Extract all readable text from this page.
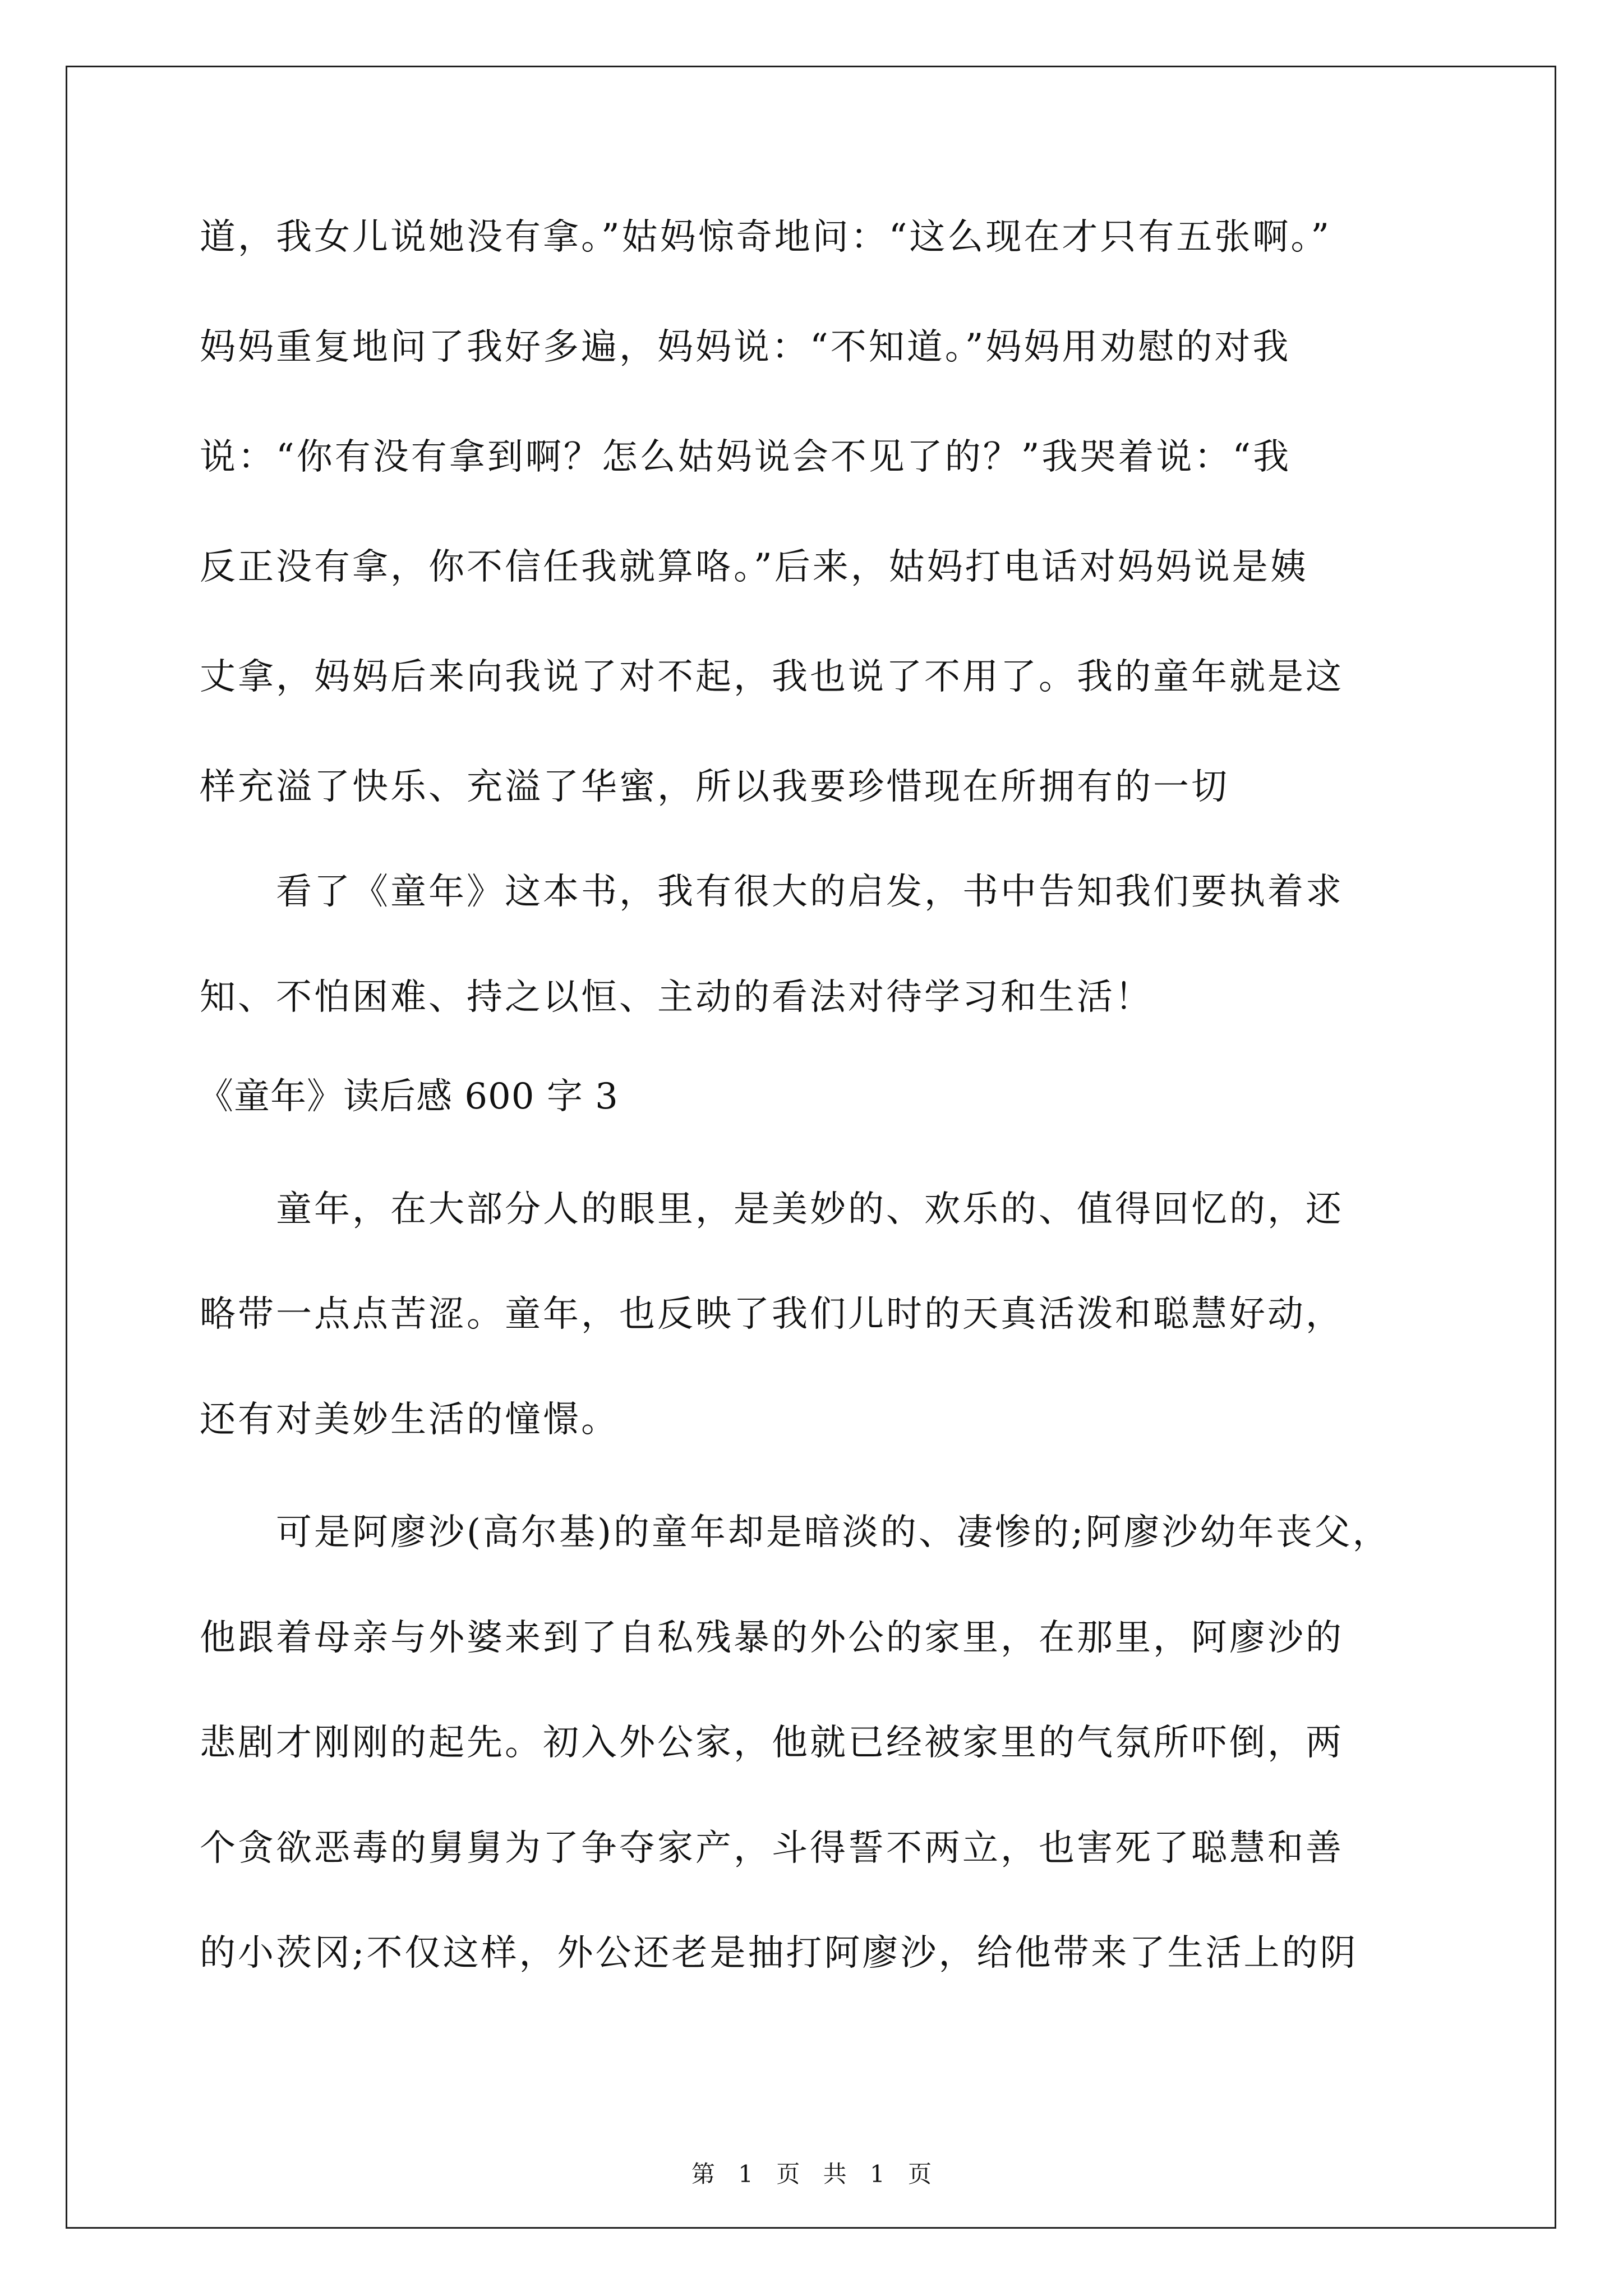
道，我女儿说她没有拿。”姑妈惊奇地问：“这么现在才只有五张啊。”
妈妈重复地问了我好多遍，妈妈说：“不知道。”妈妈用劝慰的对我
说：“你有没有拿到啊？怎么姑妈说会不见了的？”我哭着说：“我
反正没有拿，你不信任我就算咯。”后来，姑妈打电话对妈妈说是姨
丈拿，妈妈后来向我说了对不起，我也说了不用了。我的童年就是这
样充溢了快乐、充溢了华蜜，所以我要珍惜现在所拥有的一切
　　看了《童年》这本书，我有很大的启发，书中告知我们要执着求
知、不怕困难、持之以恒、主动的看法对待学习和生活！
《童年》读后感 600 字 3
　　童年，在大部分人的眼里，是美妙的、欢乐的、值得回忆的，还
略带一点点苦涩。童年，也反映了我们儿时的天真活泼和聪慧好动，
还有对美妙生活的憧憬。
　　可是阿廖沙(高尔基)的童年却是暗淡的、凄惨的;阿廖沙幼年丧父，
他跟着母亲与外婆来到了自私残暴的外公的家里，在那里，阿廖沙的
悲剧才刚刚的起先。初入外公家，他就已经被家里的气氛所吓倒，两
个贪欲恶毒的舅舅为了争夺家产，斗得誓不两立，也害死了聪慧和善
的小茨冈;不仅这样，外公还老是抽打阿廖沙，给他带来了生活上的阴
第 1 页 共 1 页
